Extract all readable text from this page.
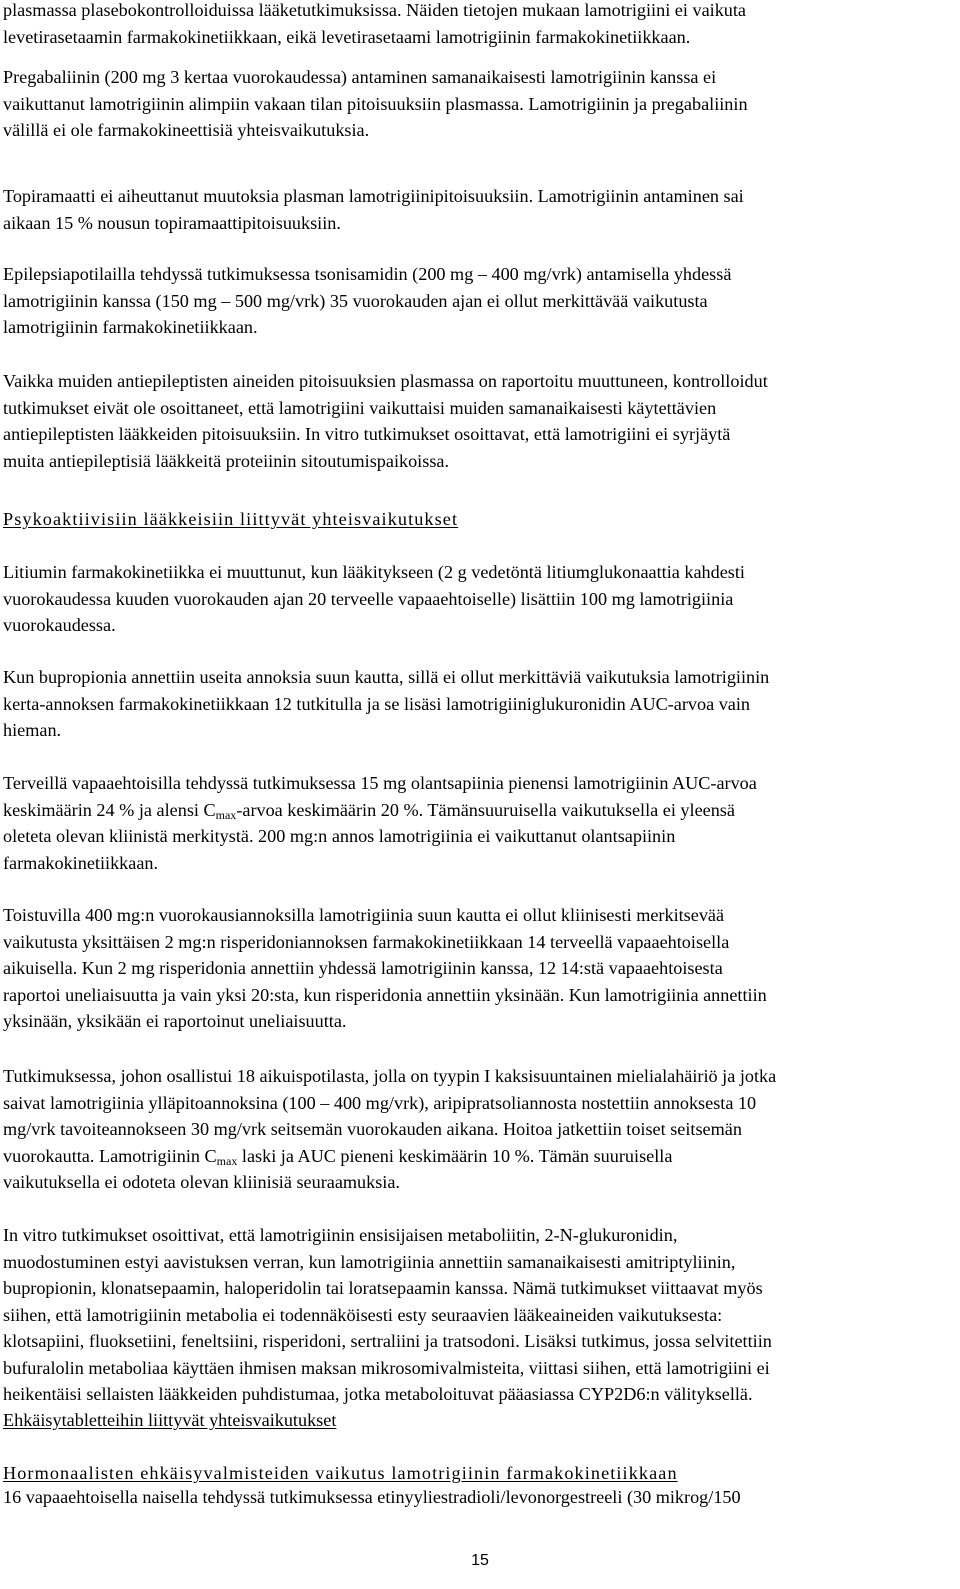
plasmassa plasebokontrolloiduissa lääketutkimuksissa. Näiden tietojen mukaan lamotrigiini ei vaikuta
levetirasetaamin farmakokinetiikkaan, eikä levetirasetaami lamotrigiinin farmakokinetiikkaan.

Pregabaliinin (200 mg 3 kertaa vuorokaudessa) antaminen samanaikaisesti lamotrigiinin kanssa ei
vaikuttanut lamotrigiinin alimpiin vakaan tilan pitoisuuksiin plasmassa. Lamotrigiinin ja pregabaliinin
välillä ei ole farmakokineettisiä yhteisvaikutuksia.

Topiramaatti ei aiheuttanut muutoksia plasman lamotrigiinipitoisuuksiin. Lamotrigiinin antaminen sai
aikaan 15 % nousun topiramaattipitoisuuksiin.

Epilepsiapotilailla tehdyssä tutkimuksessa tsonisamidin (200 mg – 400 mg/vrk) antamisella yhdessä
lamotrigiinin kanssa (150 mg – 500 mg/vrk) 35 vuorokauden ajan ei ollut merkittävää vaikutusta
lamotrigiinin farmakokinetiikkaan.

Vaikka muiden antiepileptisten aineiden pitoisuuksien plasmassa on raportoitu muuttuneen, kontrolloidut
tutkimukset eivät ole osoittaneet, että lamotrigiini vaikuttaisi muiden samanaikaisesti käytettävien
antiepileptisten lääkkeiden pitoisuuksiin. In vitro tutkimukset osoittavat, että lamotrigiini ei syrjäytä
muita antiepileptisiä lääkkeitä proteiinin sitoutumispaikoissa.

Psykoaktiivisiin lääkkeisiin liittyvät yhteisvaikutukset

Litiumin farmakokinetiikka ei muuttunut, kun lääkitykseen (2 g vedetöntä litiumglukonaattia kahdesti
vuorokaudessa kuuden vuorokauden ajan 20 terveelle vapaaehtoiselle) lisättiin 100 mg lamotrigiinia
vuorokaudessa.

Kun bupropionia annettiin useita annoksia suun kautta, sillä ei ollut merkittäviä vaikutuksia lamotrigiinin
kerta-annoksen farmakokinetiikkaan 12 tutkitulla ja se lisäsi lamotrigiiniglukuronidin AUC-arvoa vain
hieman.

Terveillä vapaaehtoisilla tehdyssä tutkimuksessa 15 mg olantsapiinia pienensi lamotrigiinin AUC-arvoa
keskimäärin 24 % ja alensi $C_{max}$-arvoa keskimäärin 20 %. Tämänsuuruisella vaikutuksella ei yleensä
oleteta olevan kliinistä merkitystä. 200 mg:n annos lamotrigiinia ei vaikuttanut olantsapiinin
farmakokinetiikkaan.

Toistuvilla 400 mg:n vuorokausiannoksilla lamotrigiinia suun kautta ei ollut kliinisesti merkitsevää
vaikutusta yksittäisen 2 mg:n risperidoniannoksen farmakokinetiikkaan 14 terveellä vapaaehtoisella
aikuisella. Kun 2 mg risperidonia annettiin yhdessä lamotrigiinin kanssa, 12 14:stä vapaaehtoisesta
raportoi uneliaisuutta ja vain yksi 20:sta, kun risperidonia annettiin yksinään. Kun lamotrigiinia annettiin
yksinään, yksikään ei raportoinut uneliaisuutta.

Tutkimuksessa, johon osallistui 18 aikuispotilasta, jolla on tyypin I kaksisuuntainen mielialahäiriö ja jotka
saivat lamotrigiinia ylläpitoannoksina (100 – 400 mg/vrk), aripipratsoliannosta nostettiin annoksesta 10
mg/vrk tavoiteannokseen 30 mg/vrk seitsemän vuorokauden aikana. Hoitoa jatkettiin toiset seitsemän
vuorokautta. Lamotrigiinin $C_{max}$ laski ja AUC pieneni keskimäärin 10 %. Tämän suuruisella
vaikutuksella ei odoteta olevan kliinisiä seuraamuksia.

In vitro tutkimukset osoittivat, että lamotrigiinin ensisijaisen metaboliitin, 2-N-glukuronidin,
muodostuminen estyi aavistuksen verran, kun lamotrigiinia annettiin samanaikaisesti amitriptyliinin,
bupropionin, klonatsepaamin, haloperidolin tai loratsepaamin kanssa. Nämä tutkimukset viittaavat myös
siihen, että lamotrigiinin metabolia ei todennäköisesti esty seuraavien lääkeaineiden vaikutuksesta:
klotsapiini, fluoksetiini, feneltsiini, risperidoni, sertraliini ja tratsodoni. Lisäksi tutkimus, jossa selvitettiin
bufuralolin metaboliaa käyttäen ihmisen maksan mikrosomivalmisteita, viittasi siihen, että lamotrigiini ei
heikentäisi sellaisten lääkkeiden puhdistumaa, jotka metaboloituvat pääasiassa CYP2D6:n välityksellä.

Ehkäisytabletteihin liittyvät yhteisvaikutukset

Hormonaalisten ehkäisyvalmisteiden vaikutus lamotrigiinin farmakokinetiikkaan

16 vapaaehtoisella naisella tehdyssä tutkimuksessa etinyyliestradioli/levonorgestreeli (30 mikrog/150

15
